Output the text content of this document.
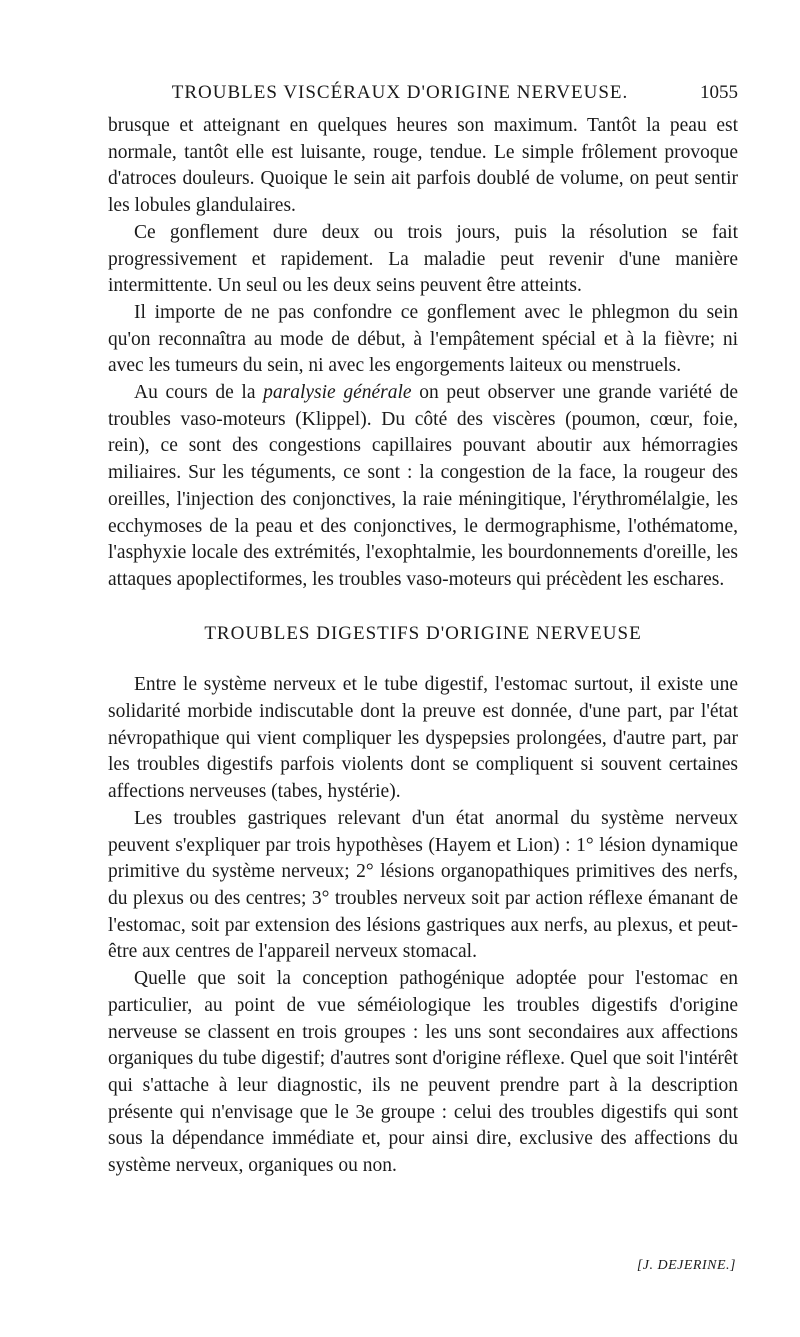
TROUBLES VISCÉRAUX D'ORIGINE NERVEUSE.	1055

brusque et atteignant en quelques heures son maximum. Tantôt la peau est normale, tantôt elle est luisante, rouge, tendue. Le simple frôlement provoque d'atroces douleurs. Quoique le sein ait parfois doublé de volume, on peut sentir les lobules glandulaires.

Ce gonflement dure deux ou trois jours, puis la résolution se fait progressivement et rapidement. La maladie peut revenir d'une manière intermittente. Un seul ou les deux seins peuvent être atteints.

Il importe de ne pas confondre ce gonflement avec le phlegmon du sein qu'on reconnaîtra au mode de début, à l'empâtement spécial et à la fièvre; ni avec les tumeurs du sein, ni avec les engorgements laiteux ou menstruels.

Au cours de la paralysie générale on peut observer une grande variété de troubles vaso-moteurs (Klippel). Du côté des viscères (poumon, cœur, foie, rein), ce sont des congestions capillaires pouvant aboutir aux hémorragies miliaires. Sur les téguments, ce sont : la congestion de la face, la rougeur des oreilles, l'injection des conjonctives, la raie méningitique, l'érythromélalgie, les ecchymoses de la peau et des conjonctives, le dermographisme, l'othématome, l'asphyxie locale des extrémités, l'exophtalmie, les bourdonnements d'oreille, les attaques apoplectiformes, les troubles vaso-moteurs qui précèdent les eschares.

TROUBLES DIGESTIFS D'ORIGINE NERVEUSE

Entre le système nerveux et le tube digestif, l'estomac surtout, il existe une solidarité morbide indiscutable dont la preuve est donnée, d'une part, par l'état névropathique qui vient compliquer les dyspepsies prolongées, d'autre part, par les troubles digestifs parfois violents dont se compliquent si souvent certaines affections nerveuses (tabes, hystérie).

Les troubles gastriques relevant d'un état anormal du système nerveux peuvent s'expliquer par trois hypothèses (Hayem et Lion) : 1° lésion dynamique primitive du système nerveux; 2° lésions organopathiques primitives des nerfs, du plexus ou des centres; 3° troubles nerveux soit par action réflexe émanant de l'estomac, soit par extension des lésions gastriques aux nerfs, au plexus, et peut-être aux centres de l'appareil nerveux stomacal.

Quelle que soit la conception pathogénique adoptée pour l'estomac en particulier, au point de vue séméiologique les troubles digestifs d'origine nerveuse se classent en trois groupes : les uns sont secondaires aux affections organiques du tube digestif; d'autres sont d'origine réflexe. Quel que soit l'intérêt qui s'attache à leur diagnostic, ils ne peuvent prendre part à la description présente qui n'envisage que le 3e groupe : celui des troubles digestifs qui sont sous la dépendance immédiate et, pour ainsi dire, exclusive des affections du système nerveux, organiques ou non.

[J. DEJERINE.]
